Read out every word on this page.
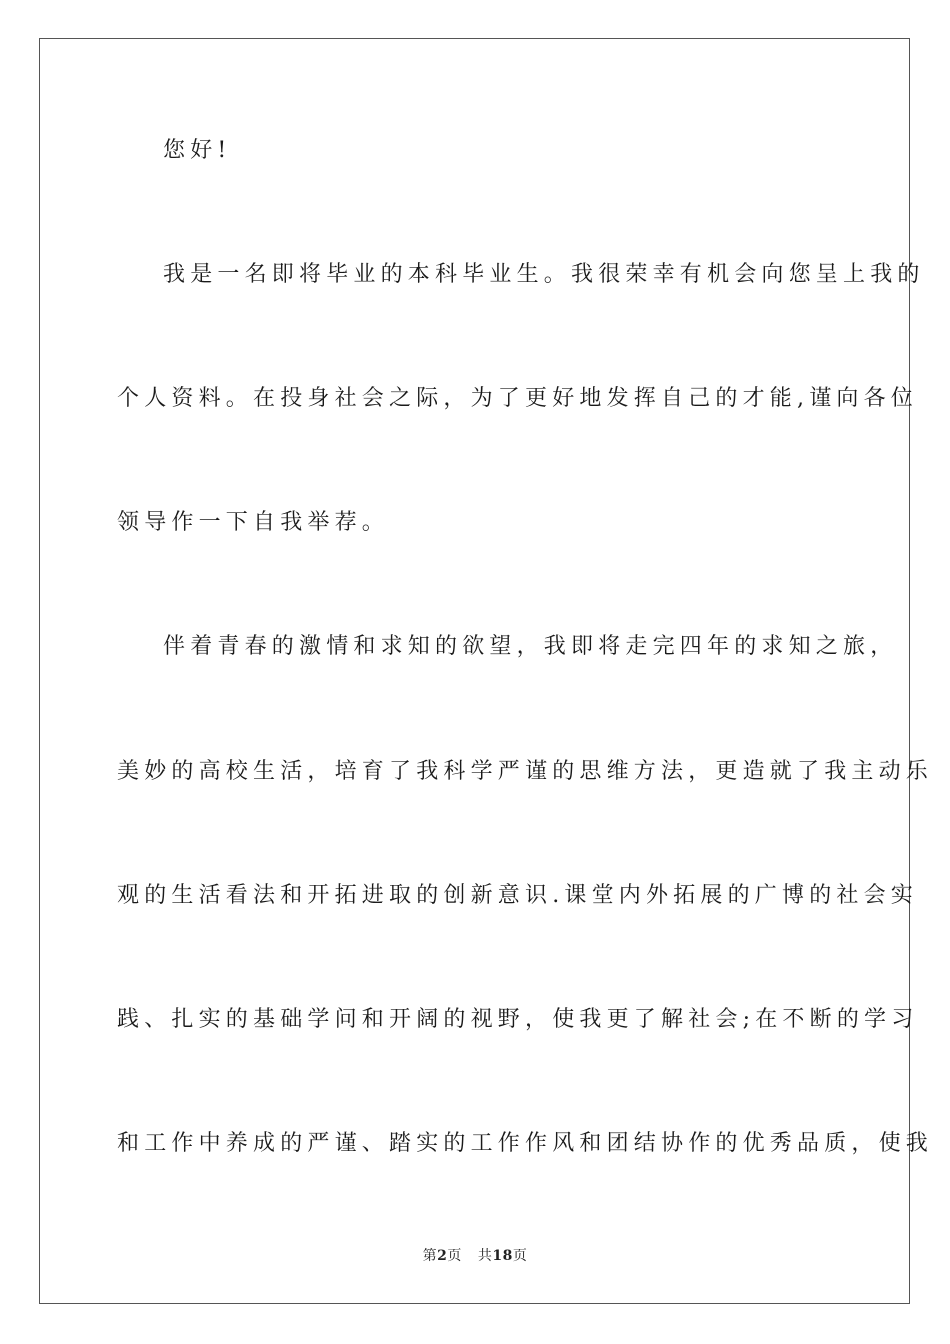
您好!
我是一名即将毕业的本科毕业生。我很荣幸有机会向您呈上我的
个人资料。在投身社会之际，为了更好地发挥自己的才能,谨向各位
领导作一下自我举荐。
伴着青春的激情和求知的欲望，我即将走完四年的求知之旅，
美妙的高校生活，培育了我科学严谨的思维方法，更造就了我主动乐
观的生活看法和开拓进取的创新意识.课堂内外拓展的广博的社会实
践、扎实的基础学问和开阔的视野，使我更了解社会;在不断的学习
和工作中养成的严谨、踏实的工作作风和团结协作的优秀品质，使我
第2页 共18页
